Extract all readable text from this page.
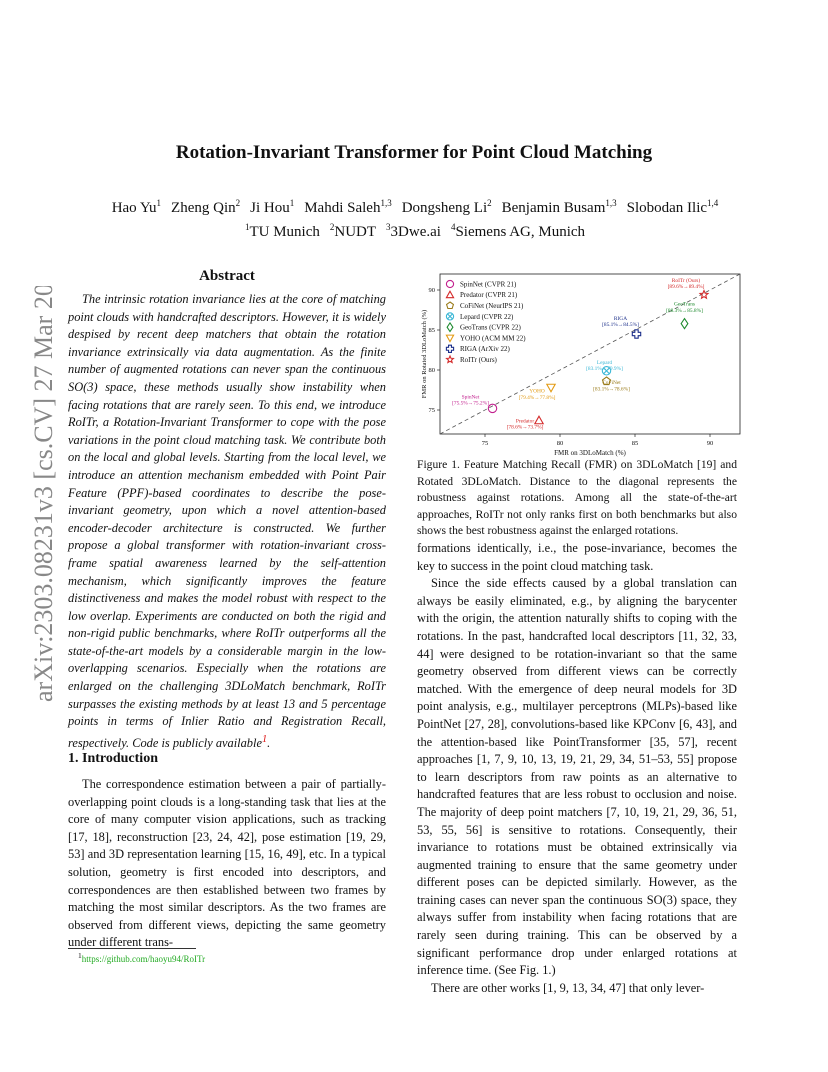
arXiv:2303.08231v3 [cs.CV] 27 Mar 2024
Rotation-Invariant Transformer for Point Cloud Matching
Hao Yu$^1$ Zheng Qin$^2$ Ji Hou$^1$ Mahdi Saleh$^{1,3}$ Dongsheng Li$^2$ Benjamin Busam$^{1,3}$ Slobodan Ilic$^{1,4}$
$^1$TU Munich $^2$NUDT $^3$3Dwe.ai $^4$Siemens AG, Munich
Abstract

The intrinsic rotation invariance lies at the core of matching point clouds with handcrafted descriptors. However, it is widely despised by recent deep matchers that obtain the rotation invariance extrinsically via data augmentation. As the finite number of augmented rotations can never span the continuous SO(3) space, these methods usually show instability when facing rotations that are rarely seen. To this end, we introduce RoITr, a Rotation-Invariant Transformer to cope with the pose variations in the point cloud matching task. We contribute both on the local and global levels. Starting from the local level, we introduce an attention mechanism embedded with Point Pair Feature (PPF)-based coordinates to describe the pose-invariant geometry, upon which a novel attention-based encoder-decoder architecture is constructed. We further propose a global transformer with rotation-invariant cross-frame spatial awareness learned by the self-attention mechanism, which significantly improves the feature distinctiveness and makes the model robust with respect to the low overlap. Experiments are conducted on both the rigid and non-rigid public benchmarks, where RoITr outperforms all the state-of-the-art models by a considerable margin in the low-overlapping scenarios. Especially when the rotations are enlarged on the challenging 3DLoMatch benchmark, RoITr surpasses the existing methods by at least 13 and 5 percentage points in terms of Inlier Ratio and Registration Recall, respectively. Code is publicly available$^1$.

1. Introduction

The correspondence estimation between a pair of partially-overlapping point clouds is a long-standing task that lies at the core of many computer vision applications, such as tracking [17, 18], reconstruction [23, 24, 42], pose estimation [19, 29, 53] and 3D representation learning [15, 16, 49], etc. In a typical solution, geometry is first encoded into descriptors, and correspondences are then established between two frames by matching the most similar descriptors. As the two frames are observed from different views, depicting the same geometry under different trans-

$^1$https://github.com/haoyu94/RoITr
75	80	85	90
75
80
85
90
FMR on 3DLoMatch (%)
FMR on Rotated 3DLoMatch (%)	SpinNet
[75.5%→75.2%]
Predator
[78.6%→73.7%]
CoFiNet
[83.1%→78.6%]
Lepard
[83.1%→79.9%]
GeoTrans
[88.3%→85.8%]
YOHO
[79.4%→77.8%]
RIGA
[85.1%→84.5%]
RoITr (Ours)
[89.6%→89.4%]
SpinNet (CVPR 21)
Predator (CVPR 21)
CoFiNet (NeurIPS 21)
Lepard (CVPR 22)
GeoTrans (CVPR 22)
YOHO (ACM MM 22)
RIGA (ArXiv 22)
RoITr (Ours)

Figure 1. Feature Matching Recall (FMR) on 3DLoMatch [19] and Rotated 3DLoMatch. Distance to the diagonal represents the robustness against rotations. Among all the state-of-the-art approaches, RoITr not only ranks first on both benchmarks but also shows the best robustness against the enlarged rotations.

formations identically, i.e., the pose-invariance, becomes the key to success in the point cloud matching task.

Since the side effects caused by a global translation can always be easily eliminated, e.g., by aligning the barycenter with the origin, the attention naturally shifts to coping with the rotations. In the past, handcrafted local descriptors [11, 32, 33, 44] were designed to be rotation-invariant so that the same geometry observed from different views can be correctly matched. With the emergence of deep neural models for 3D point analysis, e.g., multilayer perceptrons (MLPs)-based like PointNet [27, 28], convolutions-based like KPConv [6, 43], and the attention-based like PointTransformer [35, 57], recent approaches [1, 7, 9, 10, 13, 19, 21, 29, 34, 51–53, 55] propose to learn descriptors from raw points as an alternative to handcrafted features that are less robust to occlusion and noise. The majority of deep point matchers [7, 10, 19, 21, 29, 36, 51, 53, 55, 56] is sensitive to rotations. Consequently, their invariance to rotations must be obtained extrinsically via augmented training to ensure that the same geometry under different poses can be depicted similarly. However, as the training cases can never span the continuous SO(3) space, they always suffer from instability when facing rotations that are rarely seen during training. This can be observed by a significant performance drop under enlarged rotations at inference time. (See Fig. 1.)

There are other works [1, 9, 13, 34, 47] that only lever-
